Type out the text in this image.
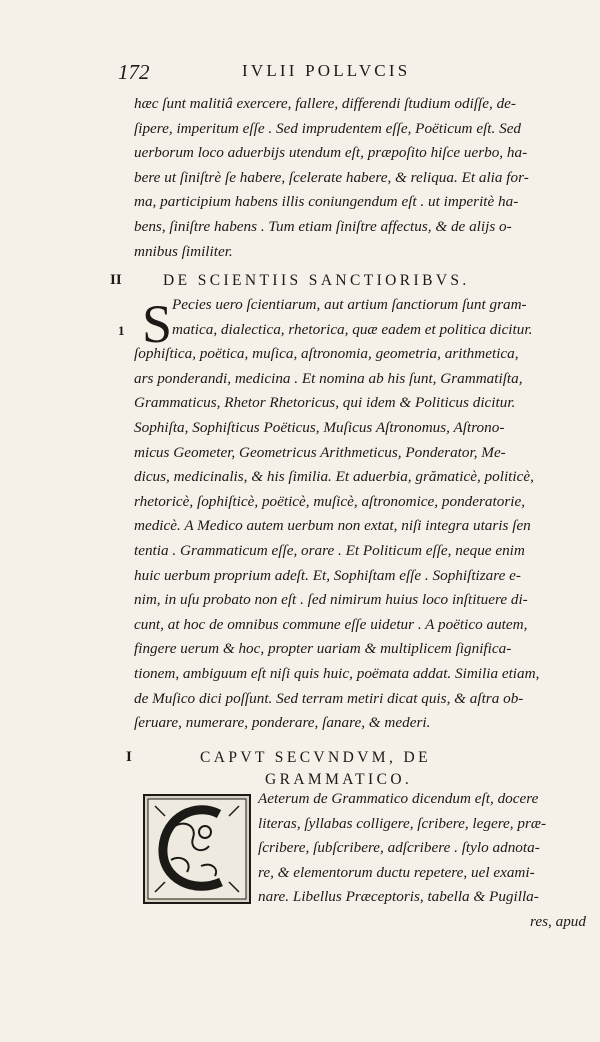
172	IVLII POLLVCIS
hæc ſunt malitiâ exercere, fallere, differendi ſtudium odiſſe, de-
ſipere, imperitum eſſe . Sed imprudentem eſſe, Poëticum eſt. Sed
uerborum loco aduerbijs utendum eſt, præpoſito hiſce uerbo, ha-
bere ut ſiniſtrè ſe habere, ſcelerate habere, & reliqua. Et alia for-
ma, participium habens illis coniungendum eſt . ut imperitè ha-
bens, ſiniſtre habens . Tum etiam ſiniſtre affectus, & de alijs o-
mnibus ſimiliter.
II	DE SCIENTIIS SANCTIORIBVS.
S
1
Pecies uero ſcientiarum, aut artium ſanctiorum ſunt gram-
matica, dialectica, rhetorica, quæ eadem et politica dicitur.
ſophiſtica, poëtica, muſica, aſtronomia, geometria, arithmetica,
ars ponderandi, medicina . Et nomina ab his ſunt, Grammatiſta,
Grammaticus, Rhetor Rhetoricus, qui idem & Politicus dicitur.
Sophiſta, Sophiſticus Poëticus, Muſicus Aſtronomus, Aſtrono-
micus Geometer, Geometricus Arithmeticus, Ponderator, Me-
dicus, medicinalis, & his ſimilia. Et aduerbia, grămaticè, politicè,
rhetoricè, ſophiſticè, poëticè, muſicè, aſtronomice, ponderatorie,
medicè. A Medico autem uerbum non extat, niſi integra utaris ſen
tentia . Grammaticum eſſe, orare . Et Politicum eſſe, neque enim
huic uerbum proprium adeſt. Et, Sophiſtam eſſe . Sophiſtizare e-
nim, in uſu probato non eſt . ſed nimirum huius loco inſtituere di-
cunt, at hoc de omnibus commune eſſe uidetur . A poëtico autem,
fingere uerum & hoc, propter uariam & multiplicem ſignifica-
tionem, ambiguum eſt niſi quis huic, poëmata addat. Similia etiam,
de Muſico dici poſſunt. Sed terram metiri dicat quis, & aſtra ob-
ſeruare, numerare, ponderare, ſanare, & mederi.
I	CAPVT SECVNDVM, DE
GRAMMATICO.
Aeterum de Grammatico dicendum eſt, docere
literas, ſyllabas colligere, ſcribere, legere, præ-
ſcribere, ſubſcribere, adſcribere . ſtylo adnota-
re, & elementorum ductu repetere, uel exami-
nare. Libellus Præceptoris, tabella & Pugilla-
res, apud
